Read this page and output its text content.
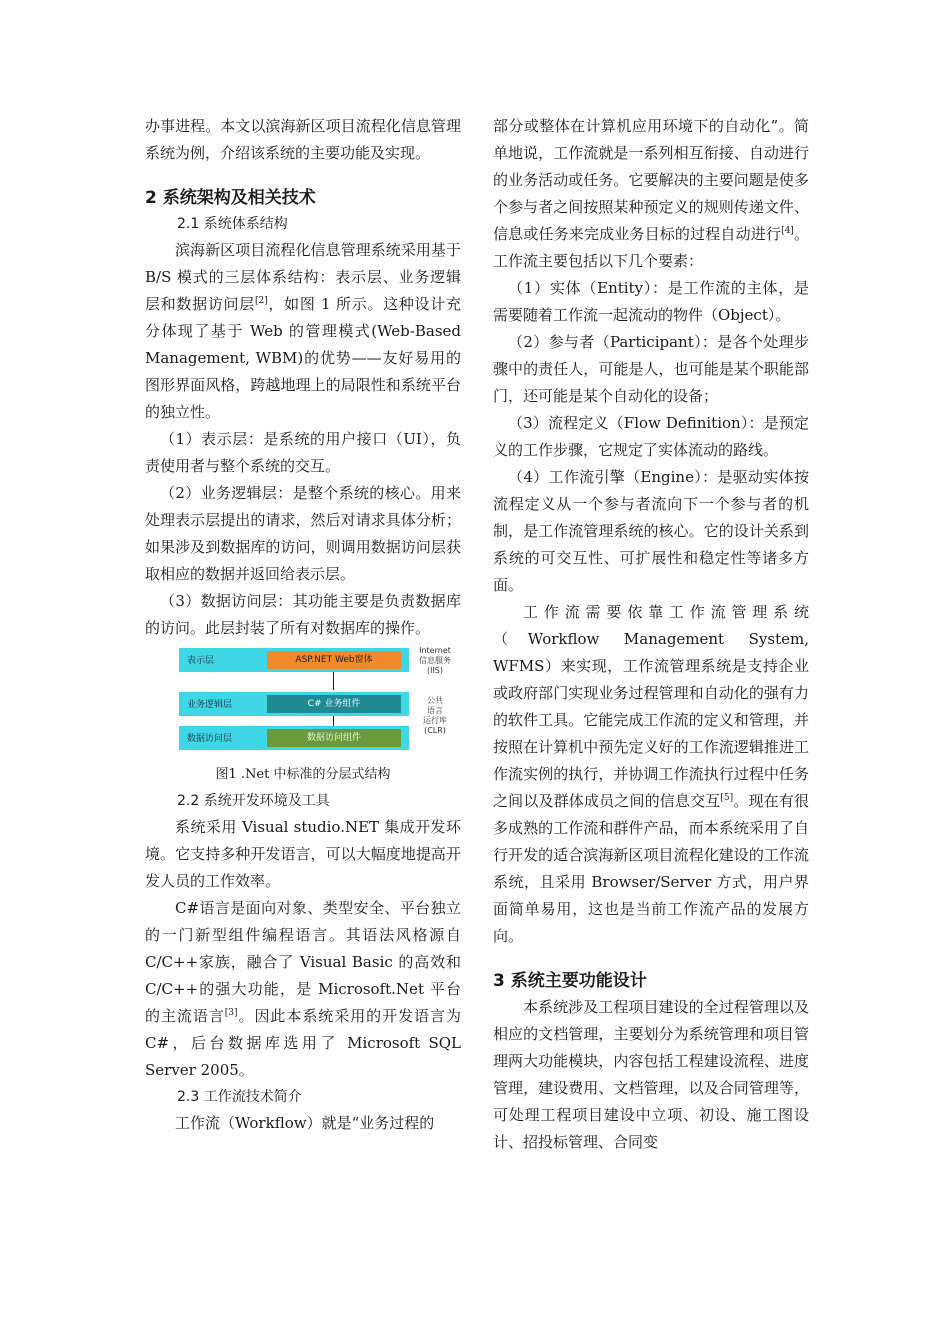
办事进程。本文以滨海新区项目流程化信息管理系统为例，介绍该系统的主要功能及实现。

2 系统架构及相关技术
2.1 系统体系结构

滨海新区项目流程化信息管理系统采用基于 B/S 模式的三层体系结构：表示层、业务逻辑层和数据访问层[2]，如图 1 所示。这种设计充分体现了基于 Web 的管理模式(Web-Based Management, WBM)的优势——友好易用的图形界面风格，跨越地理上的局限性和系统平台的独立性。

（1）表示层：是系统的用户接口（UI），负责使用者与整个系统的交互。

（2）业务逻辑层：是整个系统的核心。用来处理表示层提出的请求，然后对请求具体分析；如果涉及到数据库的访问，则调用数据访问层获取相应的数据并返回给表示层。

（3）数据访问层：其功能主要是负责数据库的访问。此层封装了所有对数据库的操作。

表示层	ASP.NET Web窗体
Internet
信息服务
(IIS)
业务逻辑层	C# 业务组件	公共
语言
运行库
(CLR)
数据访问层	数据访问组件
图1 .Net 中标准的分层式结构
2.2 系统开发环境及工具

系统采用 Visual studio.NET 集成开发环境。它支持多种开发语言，可以大幅度地提高开发人员的工作效率。

C#语言是面向对象、类型安全、平台独立的一门新型组件编程语言。其语法风格源自 C/C++家族，融合了 Visual Basic 的高效和 C/C++的强大功能，是 Microsoft.Net 平台的主流语言[3]。因此本系统采用的开发语言为 C#，后台数据库选用了 Microsoft SQL Server 2005。

2.3 工作流技术简介

工作流（Workflow）就是“业务过程的

部分或整体在计算机应用环境下的自动化”。简单地说，工作流就是一系列相互衔接、自动进行的业务活动或任务。它要解决的主要问题是使多个参与者之间按照某种预定义的规则传递文件、信息或任务来完成业务目标的过程自动进行[4]。工作流主要包括以下几个要素：

（1）实体（Entity）：是工作流的主体，是需要随着工作流一起流动的物件（Object）。

（2）参与者（Participant）：是各个处理步骤中的责任人，可能是人，也可能是某个职能部门，还可能是某个自动化的设备；

（3）流程定义（Flow Definition）：是预定义的工作步骤，它规定了实体流动的路线。

（4）工作流引擎（Engine）：是驱动实体按流程定义从一个参与者流向下一个参与者的机制，是工作流管理系统的核心。它的设计关系到系统的可交互性、可扩展性和稳定性等诸多方面。

工作流需要依靠工作流管理系统（Workflow Management System, WFMS）来实现，工作流管理系统是支持企业或政府部门实现业务过程管理和自动化的强有力的软件工具。它能完成工作流的定义和管理，并按照在计算机中预先定义好的工作流逻辑推进工作流实例的执行，并协调工作流执行过程中任务之间以及群体成员之间的信息交互[5]。现在有很多成熟的工作流和群件产品，而本系统采用了自行开发的适合滨海新区项目流程化建设的工作流系统，且采用 Browser/Server 方式，用户界面简单易用，这也是当前工作流产品的发展方向。

3 系统主要功能设计

本系统涉及工程项目建设的全过程管理以及相应的文档管理，主要划分为系统管理和项目管理两大功能模块，内容包括工程建设流程、进度管理，建设费用、文档管理，以及合同管理等，可处理工程项目建设中立项、初设、施工图设计、招投标管理、合同变
